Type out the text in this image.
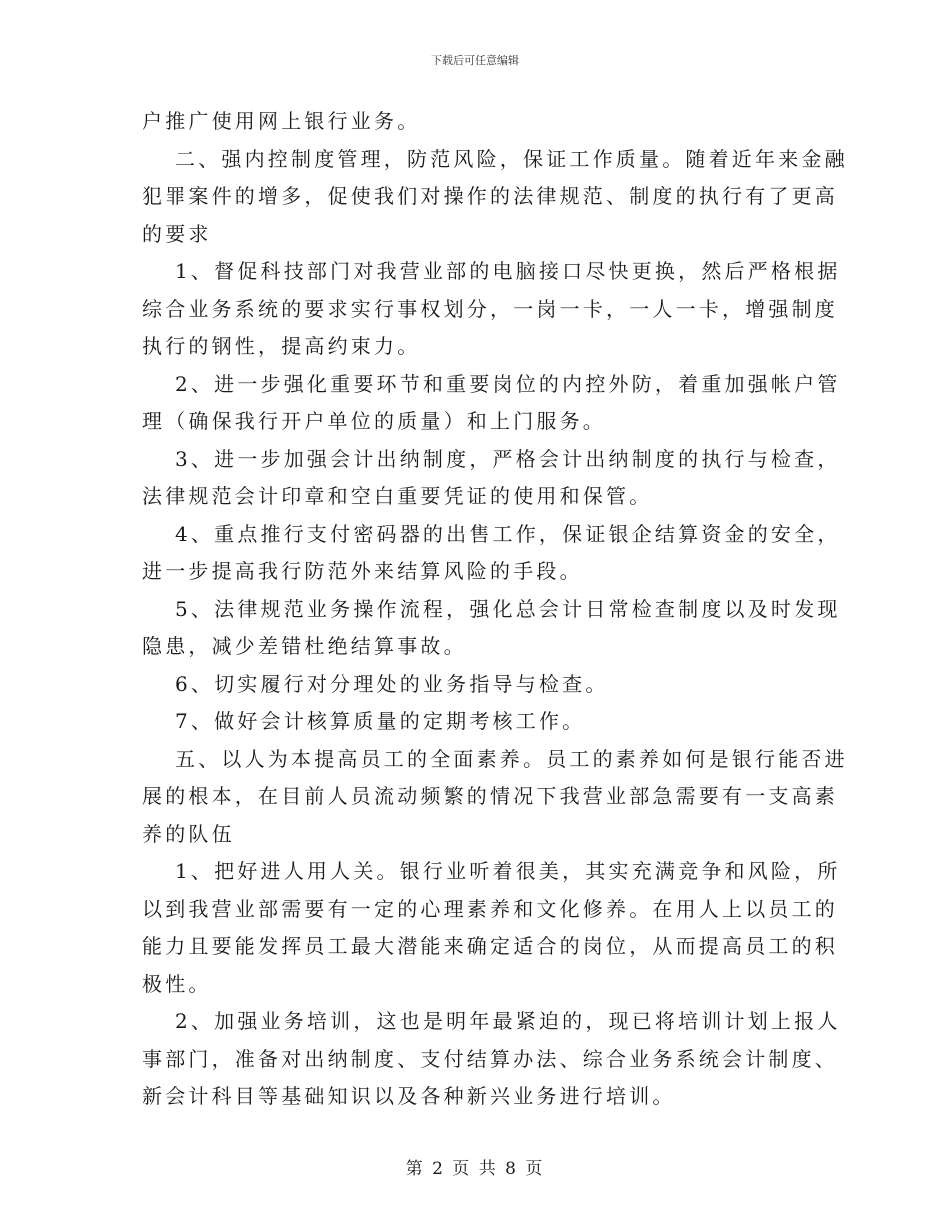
下载后可任意编辑
户推广使用网上银行业务。
二、强内控制度管理，防范风险，保证工作质量。随着近年来金融
犯罪案件的增多，促使我们对操作的法律规范、制度的执行有了更高
的要求
1、督促科技部门对我营业部的电脑接口尽快更换，然后严格根据
综合业务系统的要求实行事权划分，一岗一卡，一人一卡，增强制度
执行的钢性，提高约束力。
2、进一步强化重要环节和重要岗位的内控外防，着重加强帐户管
理（确保我行开户单位的质量）和上门服务。
3、进一步加强会计出纳制度，严格会计出纳制度的执行与检查，
法律规范会计印章和空白重要凭证的使用和保管。
4、重点推行支付密码器的出售工作，保证银企结算资金的安全，
进一步提高我行防范外来结算风险的手段。
5、法律规范业务操作流程，强化总会计日常检查制度以及时发现
隐患，减少差错杜绝结算事故。
6、切实履行对分理处的业务指导与检查。
7、做好会计核算质量的定期考核工作。
五、以人为本提高员工的全面素养。员工的素养如何是银行能否进
展的根本，在目前人员流动频繁的情况下我营业部急需要有一支高素
养的队伍
1、把好进人用人关。银行业听着很美，其实充满竞争和风险，所
以到我营业部需要有一定的心理素养和文化修养。在用人上以员工的
能力且要能发挥员工最大潜能来确定适合的岗位，从而提高员工的积
极性。
2、加强业务培训，这也是明年最紧迫的，现已将培训计划上报人
事部门，准备对出纳制度、支付结算办法、综合业务系统会计制度、
新会计科目等基础知识以及各种新兴业务进行培训。
第 2 页 共 8 页
